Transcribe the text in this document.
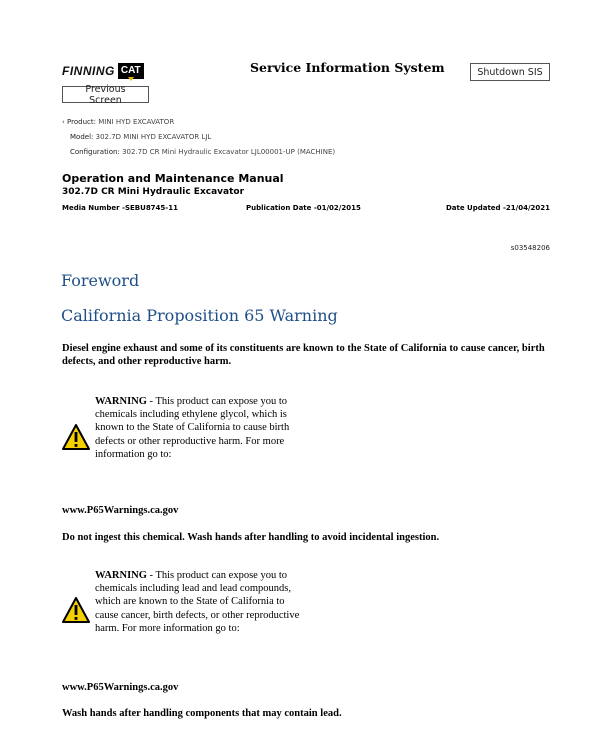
FINNING CAT	Service Information System	Shutdown SIS
Previous Screen
‹ Product: MINI HYD EXCAVATOR
Model: 302.7D MINI HYD EXCAVATOR LJL
Configuration: 302.7D CR Mini Hydraulic Excavator LJL00001-UP (MACHINE)
Operation and Maintenance Manual
302.7D CR Mini Hydraulic Excavator
Media Number -SEBU8745-11	Publication Date -01/02/2015	Date Updated -21/04/2021
s03548206
Foreword
California Proposition 65 Warning
Diesel engine exhaust and some of its constituents are known to the State of California to cause cancer, birth defects, and other reproductive harm.
WARNING - This product can expose you to chemicals including ethylene glycol, which is known to the State of California to cause birth defects or other reproductive harm. For more information go to:
www.P65Warnings.ca.gov
Do not ingest this chemical. Wash hands after handling to avoid incidental ingestion.
WARNING - This product can expose you to chemicals including lead and lead compounds, which are known to the State of California to cause cancer, birth defects, or other reproductive harm. For more information go to:
www.P65Warnings.ca.gov
Wash hands after handling components that may contain lead.
